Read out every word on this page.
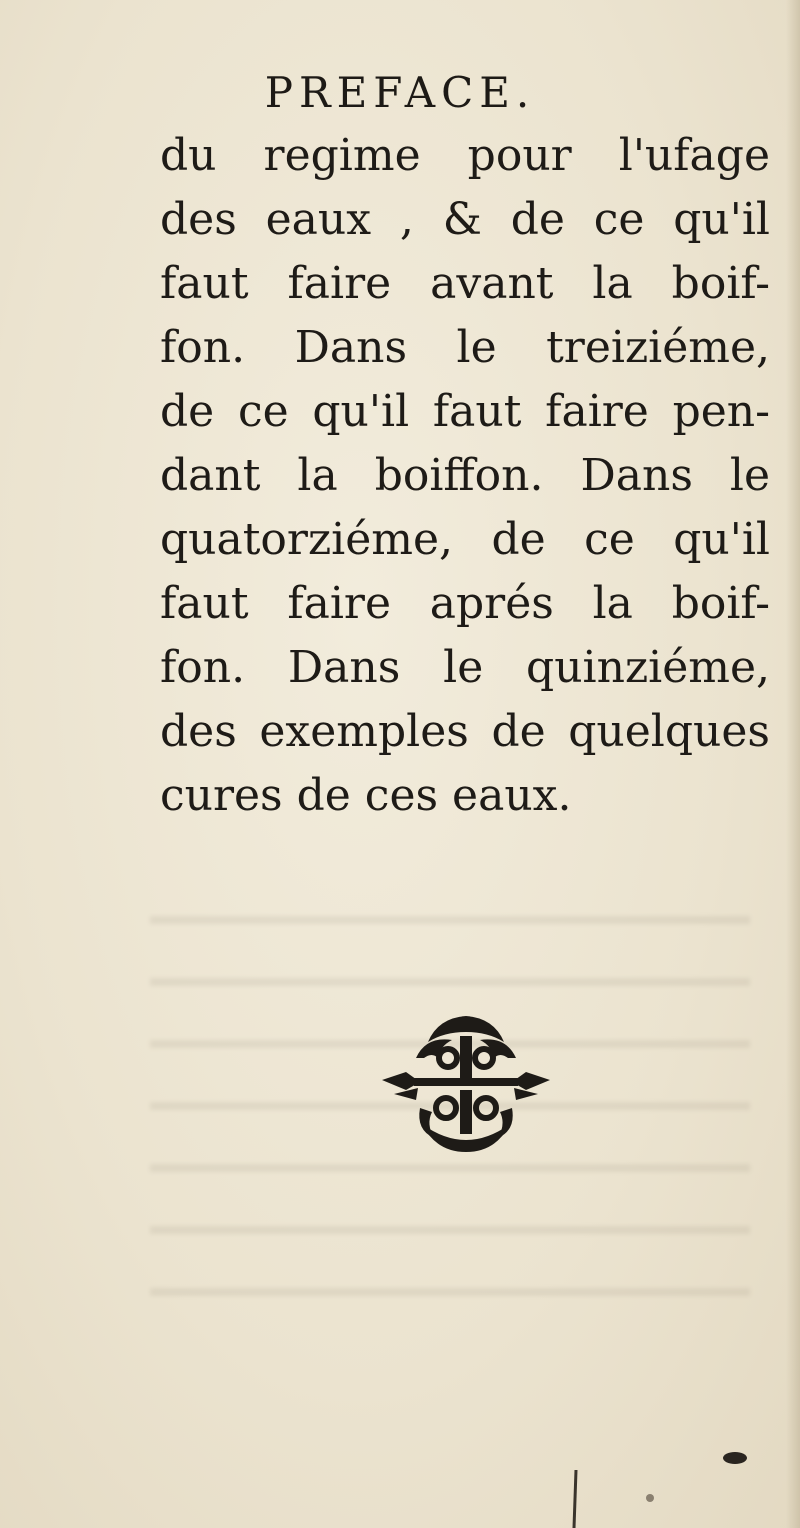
PREFACE.
du regime pour l'ufage
des eaux , & de ce qu'il
faut faire avant la boif-
fon. Dans le treiziéme,
de ce qu'il faut faire pen-
dant la boiffon. Dans le
quatorziéme, de ce qu'il
faut faire aprés la boif-
fon. Dans le quinziéme,
des exemples de quelques
cures de ces eaux.
